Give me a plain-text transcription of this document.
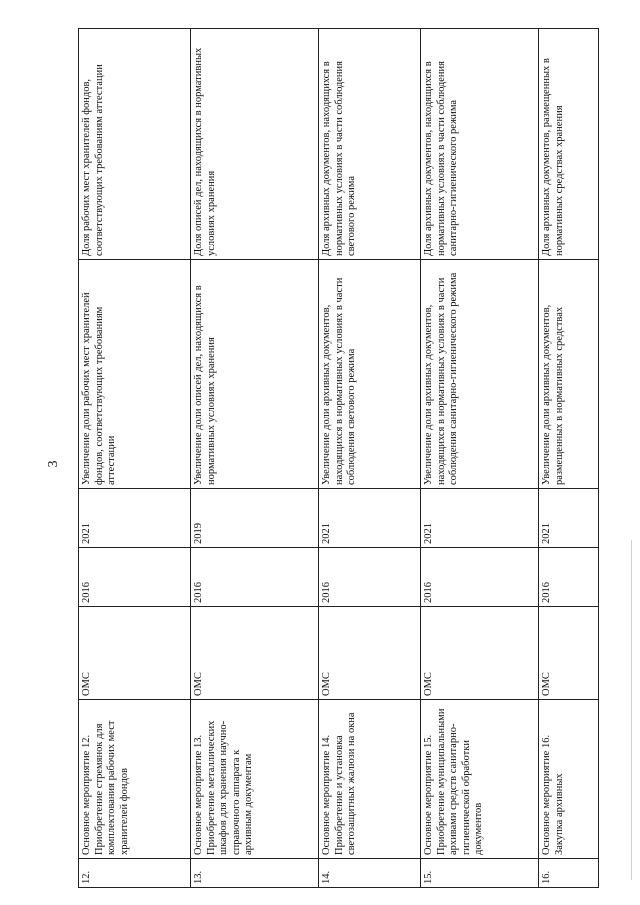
3
12.	Основное мероприятие 12. Приобретение стремянок для комплектования рабочих мест хранителей фондов	ОМС	2016	2021	Увеличение доли рабочих мест хранителей фондов, соответствующих требованиям аттестации	Доля рабочих мест хранителей фондов, соответствующих требованиям аттестации
13.	Основное мероприятие 13. Приобретение металлических шкафов для хранения научно-справочного аппарата к архивным документам	ОМС	2016	2019	Увеличение доли описей дел, находящихся в нормативных условиях хранения	Доля описей дел, находящихся в нормативных условиях хранения
14.	Основное мероприятие 14. Приобретение и установка светозащитных жалюзи на окна	ОМС	2016	2021	Увеличение доли архивных документов, находящихся в нормативных условиях в части соблюдения светового режима	Доля архивных документов, находящихся в нормативных условиях в части соблюдения светового режима
15.	Основное мероприятие 15. Приобретение муниципальными архивами средств санитарно-гигиенической обработки документов	ОМС	2016	2021	Увеличение доли архивных документов, находящихся в нормативных условиях в части соблюдения санитарно-гигиенического режима	Доля архивных документов, находящихся в нормативных условиях в части соблюдения санитарно-гигиенического режима
16.	Основное мероприятие 16. Закупка архивных	ОМС	2016	2021	Увеличение доли архивных документов, размещенных в нормативных средствах	Доля архивных документов, размещенных в нормативных средствах хранения
